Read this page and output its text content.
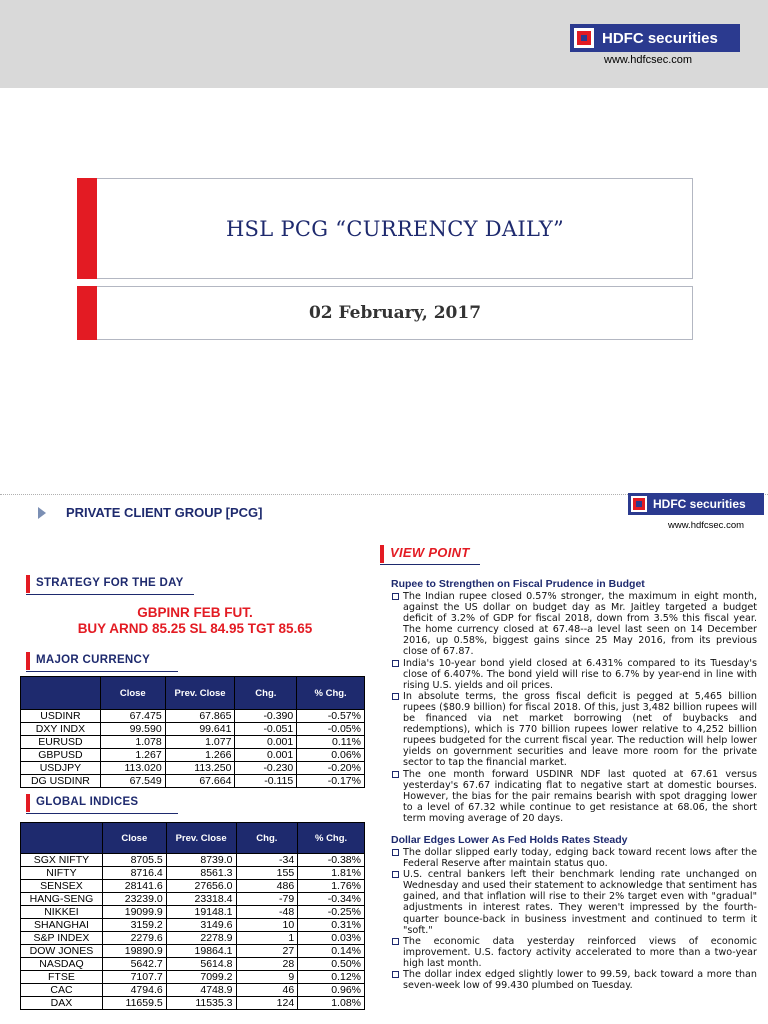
HDFC securities
www.hdfcsec.com
HSL PCG “CURRENCY DAILY”
02 February, 2017
PRIVATE CLIENT GROUP [PCG]
HDFC securities
www.hdfcsec.com
STRATEGY FOR THE DAY
GBPINR FEB FUT.
BUY ARND 85.25 SL 84.95 TGT 85.65
MAJOR CURRENCY
	Close	Prev. Close	Chg.	% Chg.
USDINR	67.475	67.865	-0.390	-0.57%
DXY INDX	99.590	99.641	-0.051	-0.05%
EURUSD	1.078	1.077	0.001	0.11%
GBPUSD	1.267	1.266	0.001	0.06%
USDJPY	113.020	113.250	-0.230	-0.20%
DG USDINR	67.549	67.664	-0.115	-0.17%
GLOBAL INDICES
	Close	Prev. Close	Chg.	% Chg.
SGX NIFTY	8705.5	8739.0	-34	-0.38%
NIFTY	8716.4	8561.3	155	1.81%
SENSEX	28141.6	27656.0	486	1.76%
HANG-SENG	23239.0	23318.4	-79	-0.34%
NIKKEI	19099.9	19148.1	-48	-0.25%
SHANGHAI	3159.2	3149.6	10	0.31%
S&P INDEX	2279.6	2278.9	1	0.03%
DOW JONES	19890.9	19864.1	27	0.14%
NASDAQ	5642.7	5614.8	28	0.50%
FTSE	7107.7	7099.2	9	0.12%
CAC	4794.6	4748.9	46	0.96%
DAX	11659.5	11535.3	124	1.08%
VIEW POINT
Rupee to Strengthen on Fiscal Prudence in Budget
The Indian rupee closed 0.57% stronger, the maximum in eight month, against the US dollar on budget day as Mr. Jaitley targeted a budget deficit of 3.2% of GDP for fiscal 2018, down from 3.5% this fiscal year. The home currency closed at 67.48--a level last seen on 14 December 2016, up 0.58%, biggest gains since 25 May 2016, from its previous close of 67.87.
India's 10-year bond yield closed at 6.431% compared to its Tuesday's close of 6.407%. The bond yield will rise to 6.7% by year-end in line with rising U.S. yields and oil prices.
In absolute terms, the gross fiscal deficit is pegged at 5,465 billion rupees ($80.9 billion) for fiscal 2018. Of this, just 3,482 billion rupees will be financed via net market borrowing (net of buybacks and redemptions), which is 770 billion rupees lower relative to 4,252 billion rupees budgeted for the current fiscal year. The reduction will help lower yields on government securities and leave more room for the private sector to tap the financial market.
The one month forward USDINR NDF last quoted at 67.61 versus yesterday's 67.67 indicating flat to negative start at domestic bourses. However, the bias for the pair remains bearish with spot dragging lower to a level of 67.32 while continue to get resistance at 68.06, the short term moving average of 20 days.
Dollar Edges Lower As Fed Holds Rates Steady
The dollar slipped early today, edging back toward recent lows after the Federal Reserve after maintain status quo.
U.S. central bankers left their benchmark lending rate unchanged on Wednesday and used their statement to acknowledge that sentiment has gained, and that inflation will rise to their 2% target even with "gradual" adjustments in interest rates. They weren't impressed by the fourth-quarter bounce-back in business investment and continued to term it "soft."
The economic data yesterday reinforced views of economic improvement. U.S. factory activity accelerated to more than a two-year high last month.
The dollar index edged slightly lower to 99.59, back toward a more than seven-week low of 99.430 plumbed on Tuesday.
